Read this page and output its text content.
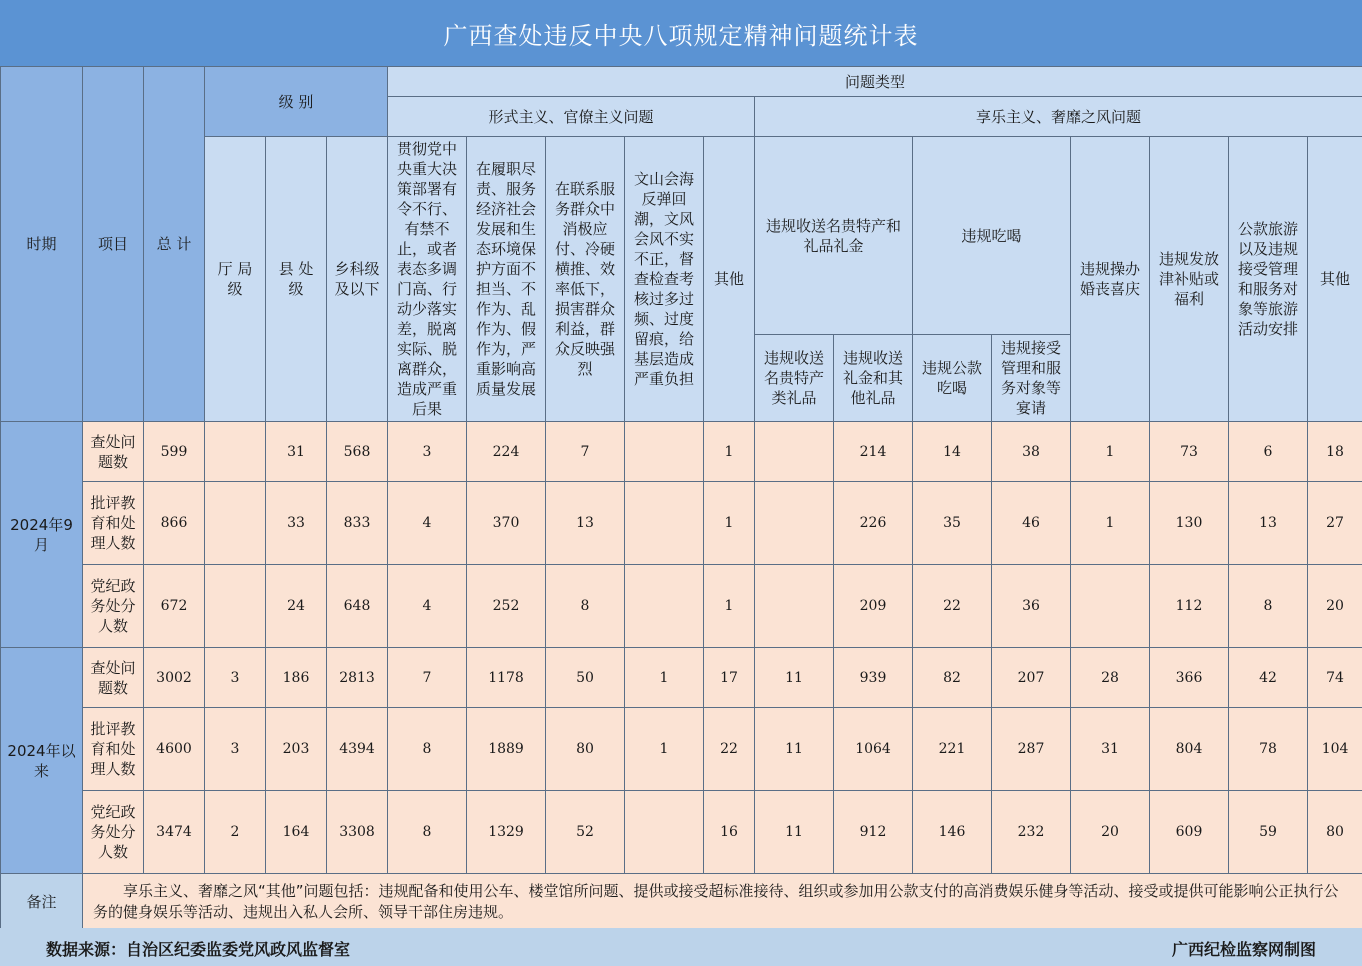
广西查处违反中央八项规定精神问题统计表
时期	项目	总 计	级 别			问题类型												
						形式主义、官僚主义问题					享乐主义、奢靡之风问题							
			厅 局 级	县 处 级	乡科级及以下	贯彻党中央重大决策部署有令不行、有禁不止，或者表态多调门高、行动少落实差，脱离实际、脱离群众，造成严重后果	在履职尽责、服务经济社会发展和生态环境保护方面不担当、不作为、乱作为、假作为，严重影响高质量发展	在联系服务群众中消极应付、冷硬横推、效率低下，损害群众利益，群众反映强烈	文山会海反弹回潮，文风会风不实不正，督查检查考核过多过频、过度留痕，给基层造成严重负担	其他	违规收送名贵特产和礼品礼金		违规吃喝		违规操办婚丧喜庆	违规发放津补贴或福利	公款旅游以及违规接受管理和服务对象等旅游活动安排	其他
											违规收送名贵特产类礼品	违规收送礼金和其他礼品	违规公款吃喝	违规接受管理和服务对象等宴请				
2024年9月	查处问题数	599		31	568	3	224	7		1		214	14	38	1	73	6	18
	批评教育和处理人数	866		33	833	4	370	13		1		226	35	46	1	130	13	27
	党纪政务处分人数	672		24	648	4	252	8		1		209	22	36		112	8	20
2024年以来	查处问题数	3002	3	186	2813	7	1178	50	1	17	11	939	82	207	28	366	42	74
	批评教育和处理人数	4600	3	203	4394	8	1889	80	1	22	11	1064	221	287	31	804	78	104
	党纪政务处分人数	3474	2	164	3308	8	1329	52		16	11	912	146	232	20	609	59	80
备注	享乐主义、奢靡之风“其他”问题包括：违规配备和使用公车、楼堂馆所问题、提供或接受超标准接待、组织或参加用公款支付的高消费娱乐健身等活动、接受或提供可能影响公正执行公务的健身娱乐等活动、违规出入私人会所、领导干部住房违规。																	
数据来源：自治区纪委监委党风政风监督室	广西纪检监察网制图
